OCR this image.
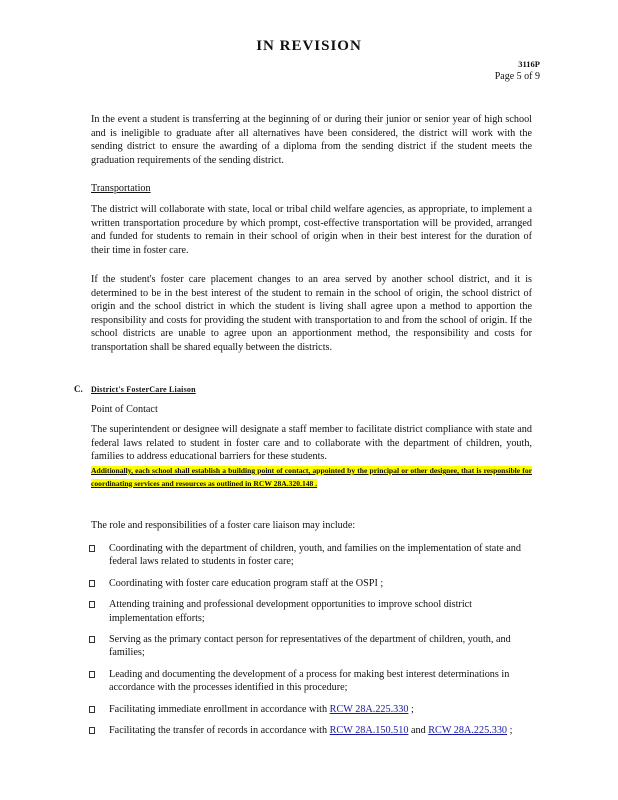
IN REVISION
3116P
Page 5 of 9
In the event a student is transferring at the beginning of or during their junior or senior year of high school and is ineligible to graduate after all alternatives have been considered, the district will work with the sending district to ensure the awarding of a diploma from the sending district if the student meets the graduation requirements of the sending district.
Transportation
The district will collaborate with state, local or tribal child welfare agencies, as appropriate, to implement a written transportation procedure by which prompt, cost-effective transportation will be provided, arranged and funded for students to remain in their school of origin when in their best interest for the duration of their time in foster care.
If the student's foster care placement changes to an area served by another school district, and it is determined to be in the best interest of the student to remain in the school of origin, the school district of origin and the school district in which the student is living shall agree upon a method to apportion the responsibility and costs for providing the student with transportation to and from the school of origin. If the school districts are unable to agree upon an apportionment method, the responsibility and costs for transportation shall be shared equally between the districts.
C. District's FosterCare Liaison
Point of Contact
The superintendent or designee will designate a staff member to facilitate district compliance with state and federal laws related to student in foster care and to collaborate with the department of children, youth, families to address educational barriers for these students.
Additionally, each school shall establish a building point of contact, appointed by the principal or other designee, that is responsible for coordinating services and resources as outlined in RCW 28A.320.148 .
The role and responsibilities of a foster care liaison may include:
Coordinating with the department of children, youth, and families on the implementation of state and federal laws related to students in foster care;
Coordinating with foster care education program staff at the OSPI ;
Attending training and professional development opportunities to improve school district implementation efforts;
Serving as the primary contact person for representatives of the department of children, youth, and families;
Leading and documenting the development of a process for making best interest determinations in accordance with the processes identified in this procedure;
Facilitating immediate enrollment in accordance with RCW 28A.225.330 ;
Facilitating the transfer of records in accordance with RCW 28A.150.510 and RCW 28A.225.330 ;
